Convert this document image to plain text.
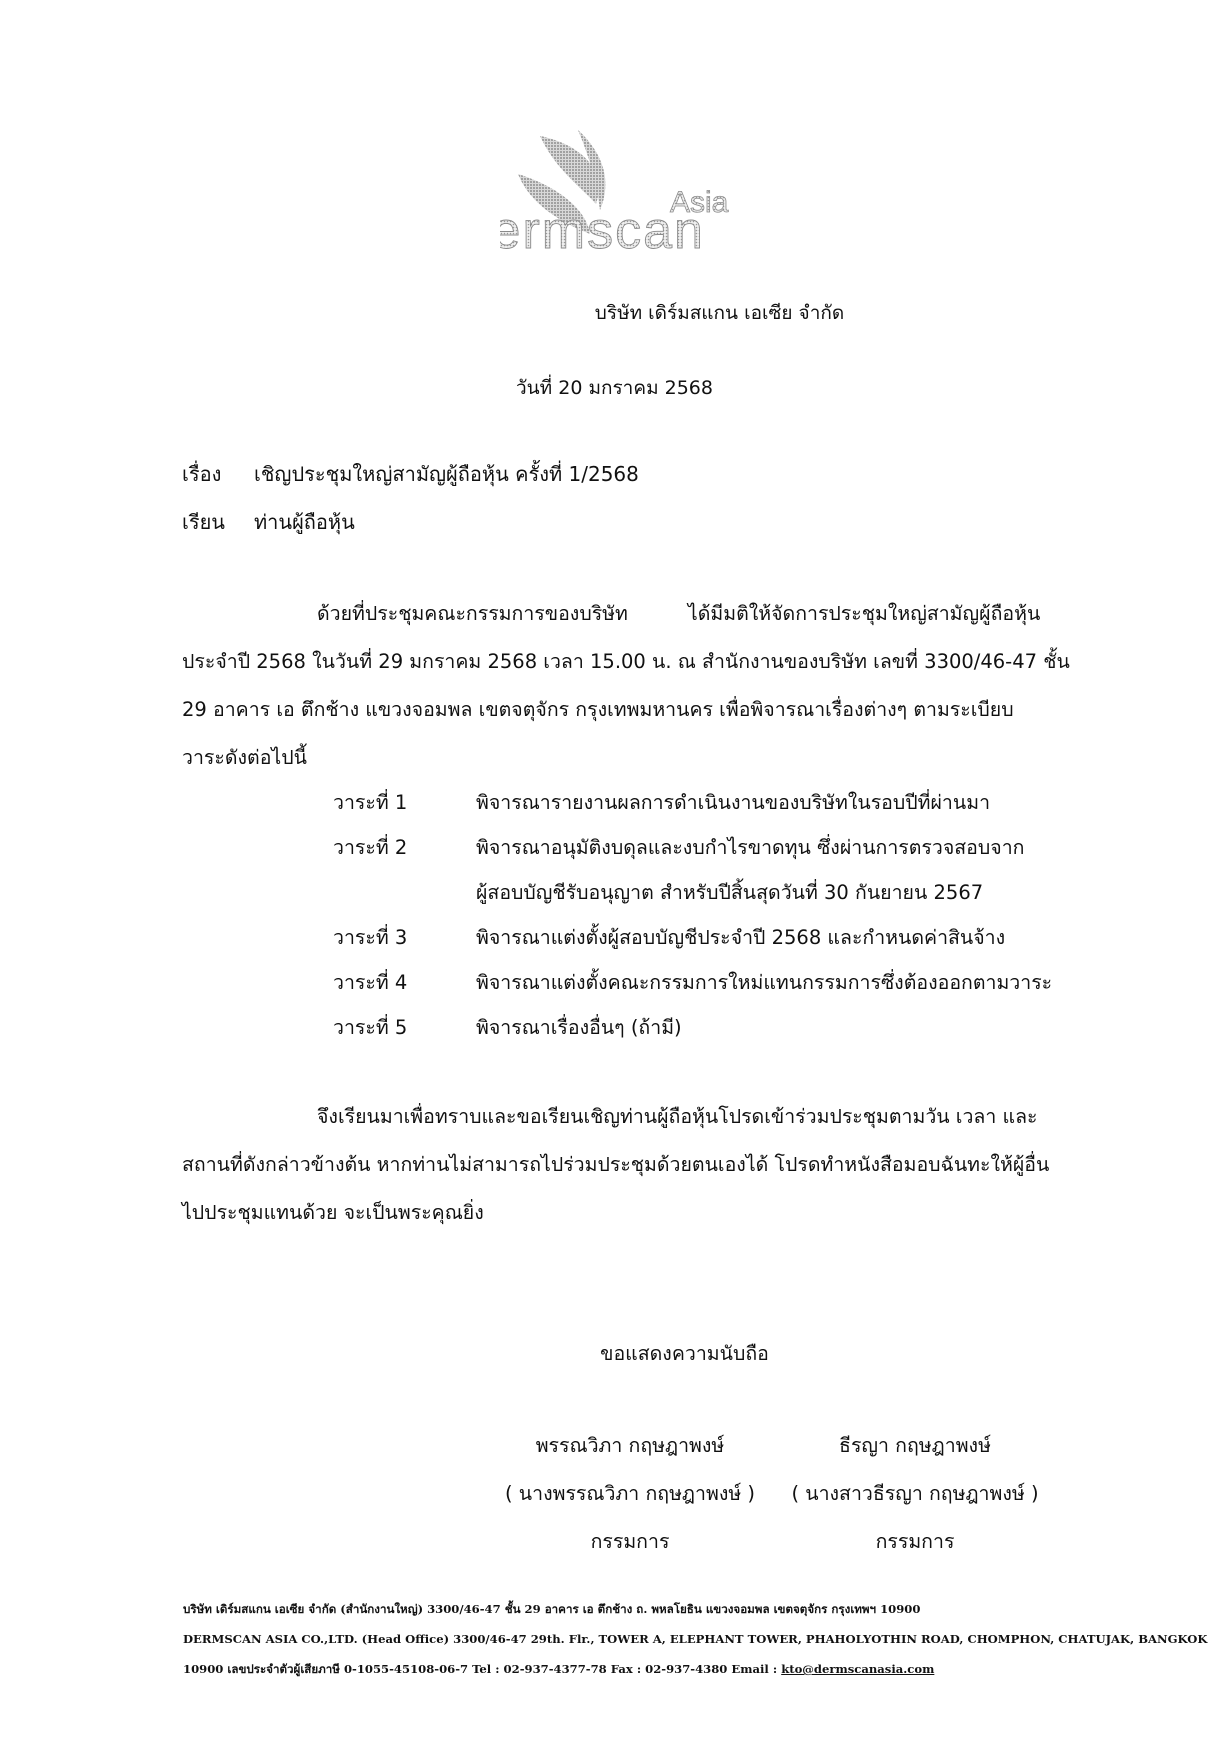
Asia
ermscan
บริษัท เดิร์มสแกน เอเซีย จำกัด
วันที่ 20 มกราคม 2568
เรื่อง เชิญประชุมใหญ่สามัญผู้ถือหุ้น ครั้งที่ 1/2568
เรียน ท่านผู้ถือหุ้น
ด้วยที่ประชุมคณะกรรมการของบริษัท	ได้มีมติให้จัดการประชุมใหญ่สามัญผู้ถือหุ้น
ประจำปี 2568 ในวันที่ 29 มกราคม 2568 เวลา 15.00 น. ณ สำนักงานของบริษัท เลขที่ 3300/46-47 ชั้น
29 อาคาร เอ ตึกช้าง แขวงจอมพล เขตจตุจักร กรุงเทพมหานคร เพื่อพิจารณาเรื่องต่างๆ ตามระเบียบ
วาระดังต่อไปนี้
วาระที่ 1	พิจารณารายงานผลการดำเนินงานของบริษัทในรอบปีที่ผ่านมา
วาระที่ 2	พิจารณาอนุมัติงบดุลและงบกำไรขาดทุน ซึ่งผ่านการตรวจสอบจาก
ผู้สอบบัญชีรับอนุญาต สำหรับปีสิ้นสุดวันที่ 30 กันยายน 2567
วาระที่ 3	พิจารณาแต่งตั้งผู้สอบบัญชีประจำปี 2568 และกำหนดค่าสินจ้าง
วาระที่ 4	พิจารณาแต่งตั้งคณะกรรมการใหม่แทนกรรมการซึ่งต้องออกตามวาระ
วาระที่ 5	พิจารณาเรื่องอื่นๆ (ถ้ามี)
จึงเรียนมาเพื่อทราบและขอเรียนเชิญท่านผู้ถือหุ้นโปรดเข้าร่วมประชุมตามวัน เวลา และ
สถานที่ดังกล่าวข้างต้น หากท่านไม่สามารถไปร่วมประชุมด้วยตนเองได้ โปรดทำหนังสือมอบฉันทะให้ผู้อื่น
ไปประชุมแทนด้วย จะเป็นพระคุณยิ่ง
ขอแสดงความนับถือ
พรรณวิภา กฤษฎาพงษ์	ธีรญา กฤษฎาพงษ์
( นางพรรณวิภา กฤษฎาพงษ์ )	( นางสาวธีรญา กฤษฎาพงษ์ )
กรรมการ	กรรมการ
บริษัท เดิร์มสแกน เอเซีย จำกัด (สำนักงานใหญ่) 3300/46-47 ชั้น 29 อาคาร เอ ตึกช้าง ถ. พหลโยธิน แขวงจอมพล เขตจตุจักร กรุงเทพฯ 10900
DERMSCAN ASIA CO.,LTD. (Head Office) 3300/46-47 29th. Flr., TOWER A, ELEPHANT TOWER, PHAHOLYOTHIN ROAD, CHOMPHON, CHATUJAK, BANGKOK
10900 เลขประจำตัวผู้เสียภาษี 0-1055-45108-06-7 Tel : 02-937-4377-78 Fax : 02-937-4380 Email : kto@dermscanasia.com
